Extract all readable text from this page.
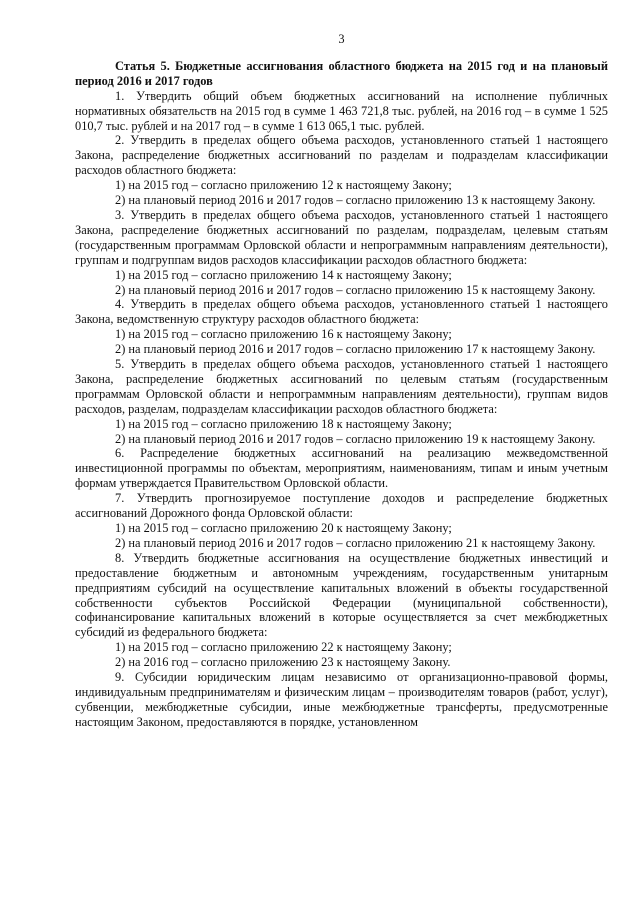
3

Статья 5. Бюджетные ассигнования областного бюджета на 2015 год и на плановый период 2016 и 2017 годов

1. Утвердить общий объем бюджетных ассигнований на исполнение публичных нормативных обязательств на 2015 год в сумме 1 463 721,8 тыс. рублей, на 2016 год – в сумме 1 525 010,7 тыс. рублей и на 2017 год – в сумме 1 613 065,1 тыс. рублей.

2. Утвердить в пределах общего объема расходов, установленного статьей 1 настоящего Закона, распределение бюджетных ассигнований по разделам и подразделам классификации расходов областного бюджета:

1) на 2015 год – согласно приложению 12 к настоящему Закону;

2) на плановый период 2016 и 2017 годов – согласно приложению 13 к настоящему Закону.

3. Утвердить в пределах общего объема расходов, установленного статьей 1 настоящего Закона, распределение бюджетных ассигнований по разделам, подразделам, целевым статьям (государственным программам Орловской области и непрограммным направлениям деятельности), группам и подгруппам видов расходов классификации расходов областного бюджета:

1) на 2015 год – согласно приложению 14 к настоящему Закону;

2) на плановый период 2016 и 2017 годов – согласно приложению 15 к настоящему Закону.

4. Утвердить в пределах общего объема расходов, установленного статьей 1 настоящего Закона, ведомственную структуру расходов областного бюджета:

1) на 2015 год – согласно приложению 16 к настоящему Закону;

2) на плановый период 2016 и 2017 годов – согласно приложению 17 к настоящему Закону.

5. Утвердить в пределах общего объема расходов, установленного статьей 1 настоящего Закона, распределение бюджетных ассигнований по целевым статьям (государственным программам Орловской области и непрограммным направлениям деятельности), группам видов расходов, разделам, подразделам классификации расходов областного бюджета:

1) на 2015 год – согласно приложению 18 к настоящему Закону;

2) на плановый период 2016 и 2017 годов – согласно приложению 19 к настоящему Закону.

6. Распределение бюджетных ассигнований на реализацию межведомственной инвестиционной программы по объектам, мероприятиям, наименованиям, типам и иным учетным формам утверждается Правительством Орловской области.

7. Утвердить прогнозируемое поступление доходов и распределение бюджетных ассигнований Дорожного фонда Орловской области:

1) на 2015 год – согласно приложению 20 к настоящему Закону;

2) на плановый период 2016 и 2017 годов – согласно приложению 21 к настоящему Закону.

8. Утвердить бюджетные ассигнования на осуществление бюджетных инвестиций и предоставление бюджетным и автономным учреждениям, государственным унитарным предприятиям субсидий на осуществление капитальных вложений в объекты государственной собственности субъектов Российской Федерации (муниципальной собственности), софинансирование капитальных вложений в которые осуществляется за счет межбюджетных субсидий из федерального бюджета:

1) на 2015 год – согласно приложению 22 к настоящему Закону;

2) на 2016 год – согласно приложению 23 к настоящему Закону.

9. Субсидии юридическим лицам независимо от организационно-правовой формы, индивидуальным предпринимателям и физическим лицам – производителям товаров (работ, услуг), субвенции, межбюджетные субсидии, иные межбюджетные трансферты, предусмотренные настоящим Законом, предоставляются в порядке, установленном
